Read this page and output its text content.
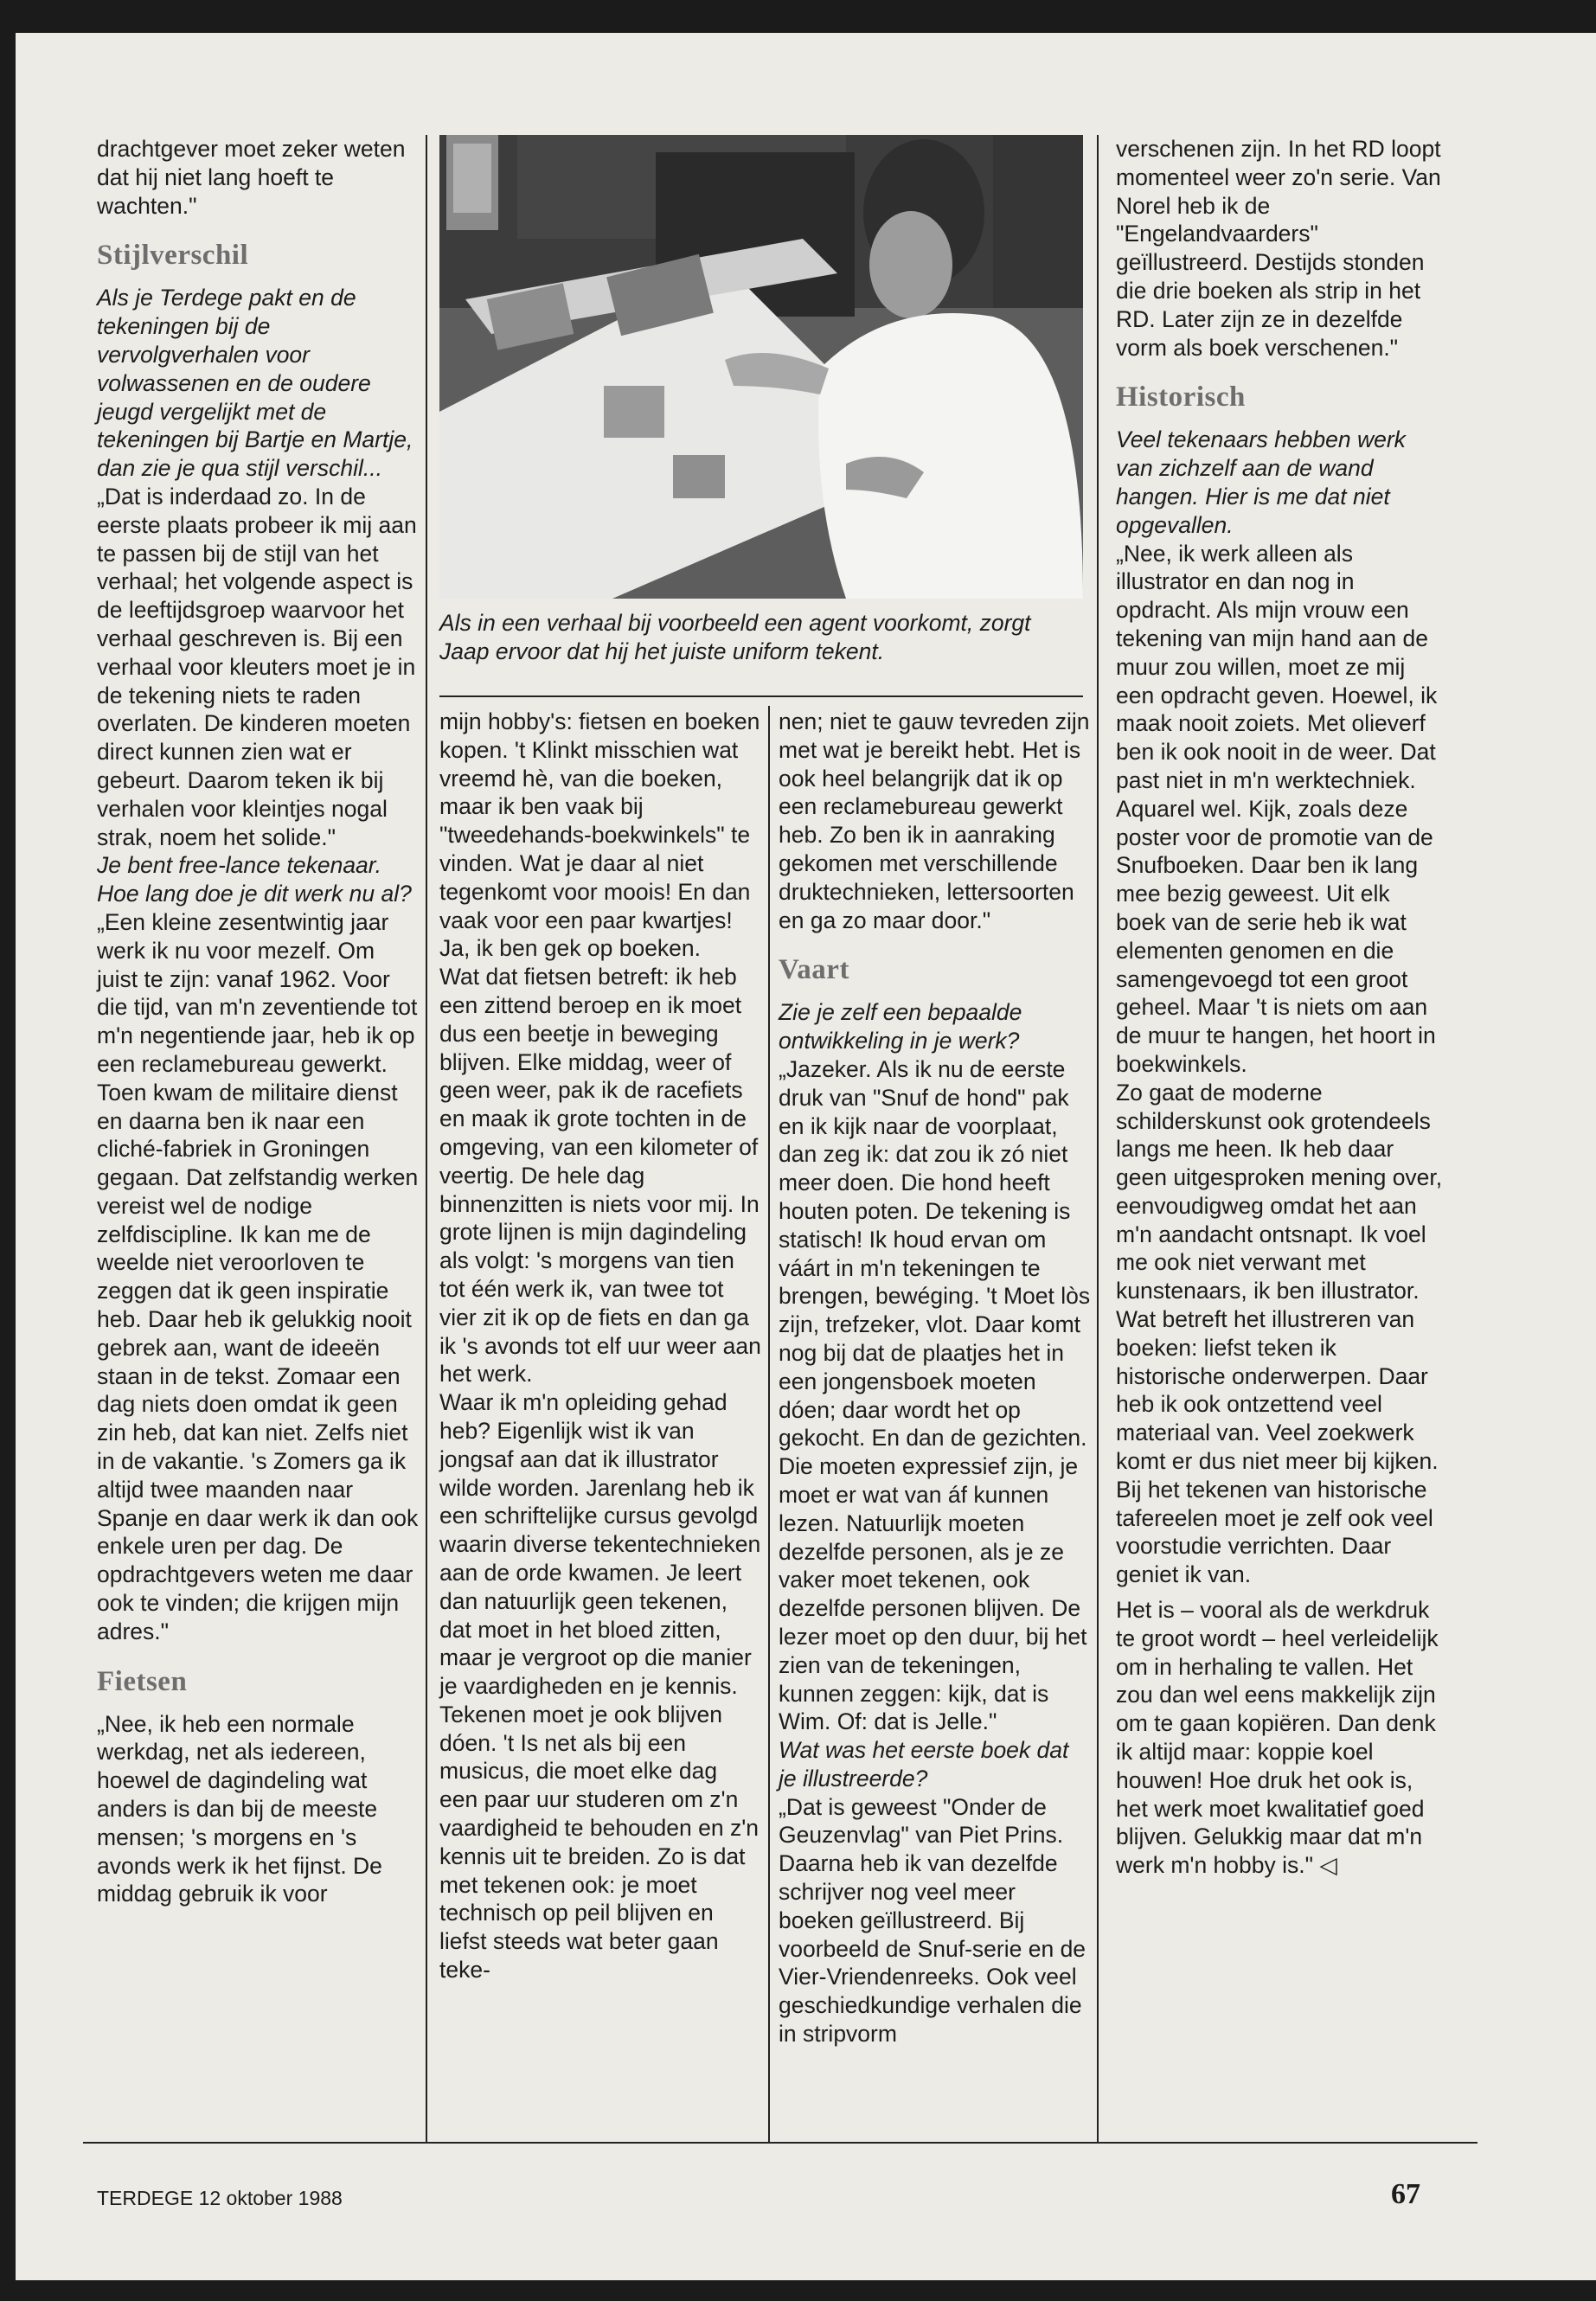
Als in een verhaal bij voorbeeld een agent voorkomt, zorgt Jaap ervoor dat hij het juiste uniform tekent.

drachtgever moet zeker weten dat hij niet lang hoeft te wachten."

Stijlverschil

Als je Terdege pakt en de tekeningen bij de vervolgverhalen voor volwassenen en de oudere jeugd vergelijkt met de tekeningen bij Bartje en Martje, dan zie je qua stijl verschil...

„Dat is inderdaad zo. In de eerste plaats probeer ik mij aan te passen bij de stijl van het verhaal; het volgende aspect is de leeftijdsgroep waarvoor het verhaal geschreven is. Bij een verhaal voor kleuters moet je in de tekening niets te raden overlaten. De kinderen moeten direct kunnen zien wat er gebeurt. Daarom teken ik bij verhalen voor kleintjes nogal strak, noem het solide."

Je bent free-lance tekenaar. Hoe lang doe je dit werk nu al?

„Een kleine zesentwintig jaar werk ik nu voor mezelf. Om juist te zijn: vanaf 1962. Voor die tijd, van m'n zeventiende tot m'n negentiende jaar, heb ik op een reclamebureau gewerkt. Toen kwam de militaire dienst en daarna ben ik naar een cliché-fabriek in Groningen gegaan. Dat zelfstandig werken vereist wel de nodige zelfdiscipline. Ik kan me de weelde niet veroorloven te zeggen dat ik geen inspiratie heb. Daar heb ik gelukkig nooit gebrek aan, want de ideeën staan in de tekst. Zomaar een dag niets doen omdat ik geen zin heb, dat kan niet. Zelfs niet in de vakantie. 's Zomers ga ik altijd twee maanden naar Spanje en daar werk ik dan ook enkele uren per dag. De opdrachtgevers weten me daar ook te vinden; die krijgen mijn adres."

Fietsen

„Nee, ik heb een normale werkdag, net als iedereen, hoewel de dagindeling wat anders is dan bij de meeste mensen; 's morgens en 's avonds werk ik het fijnst. De middag gebruik ik voor

mijn hobby's: fietsen en boeken kopen. 't Klinkt misschien wat vreemd hè, van die boeken, maar ik ben vaak bij "tweedehands-boekwinkels" te vinden. Wat je daar al niet tegenkomt voor moois! En dan vaak voor een paar kwartjes! Ja, ik ben gek op boeken.

Wat dat fietsen betreft: ik heb een zittend beroep en ik moet dus een beetje in beweging blijven. Elke middag, weer of geen weer, pak ik de racefiets en maak ik grote tochten in de omgeving, van een kilometer of veertig. De hele dag binnenzitten is niets voor mij. In grote lijnen is mijn dagindeling als volgt: 's morgens van tien tot één werk ik, van twee tot vier zit ik op de fiets en dan ga ik 's avonds tot elf uur weer aan het werk.

Waar ik m'n opleiding gehad heb? Eigenlijk wist ik van jongsaf aan dat ik illustrator wilde worden. Jarenlang heb ik een schriftelijke cursus gevolgd waarin diverse tekentechnieken aan de orde kwamen. Je leert dan natuurlijk geen tekenen, dat moet in het bloed zitten, maar je vergroot op die manier je vaardigheden en je kennis. Tekenen moet je ook blijven dóen. 't Is net als bij een musicus, die moet elke dag een paar uur studeren om z'n vaardigheid te behouden en z'n kennis uit te breiden. Zo is dat met tekenen ook: je moet technisch op peil blijven en liefst steeds wat beter gaan teke-

nen; niet te gauw tevreden zijn met wat je bereikt hebt. Het is ook heel belangrijk dat ik op een reclamebureau gewerkt heb. Zo ben ik in aanraking gekomen met verschillende druktechnieken, lettersoorten en ga zo maar door."

Vaart

Zie je zelf een bepaalde ontwikkeling in je werk?

„Jazeker. Als ik nu de eerste druk van "Snuf de hond" pak en ik kijk naar de voorplaat, dan zeg ik: dat zou ik zó niet meer doen. Die hond heeft houten poten. De tekening is statisch! Ik houd ervan om váárt in m'n tekeningen te brengen, bewéging. 't Moet lòs zijn, trefzeker, vlot. Daar komt nog bij dat de plaatjes het in een jongensboek moeten dóen; daar wordt het op gekocht. En dan de gezichten. Die moeten expressief zijn, je moet er wat van áf kunnen lezen. Natuurlijk moeten dezelfde personen, als je ze vaker moet tekenen, ook dezelfde personen blijven. De lezer moet op den duur, bij het zien van de tekeningen, kunnen zeggen: kijk, dat is Wim. Of: dat is Jelle."

Wat was het eerste boek dat je illustreerde?

„Dat is geweest "Onder de Geuzenvlag" van Piet Prins. Daarna heb ik van dezelfde schrijver nog veel meer boeken geïllustreerd. Bij voorbeeld de Snuf-serie en de Vier-Vriendenreeks. Ook veel geschiedkundige verhalen die in stripvorm

verschenen zijn. In het RD loopt momenteel weer zo'n serie. Van Norel heb ik de "Engelandvaarders" geïllustreerd. Destijds stonden die drie boeken als strip in het RD. Later zijn ze in dezelfde vorm als boek verschenen."

Historisch

Veel tekenaars hebben werk van zichzelf aan de wand hangen. Hier is me dat niet opgevallen.

„Nee, ik werk alleen als illustrator en dan nog in opdracht. Als mijn vrouw een tekening van mijn hand aan de muur zou willen, moet ze mij een opdracht geven. Hoewel, ik maak nooit zoiets. Met olieverf ben ik ook nooit in de weer. Dat past niet in m'n werktechniek. Aquarel wel. Kijk, zoals deze poster voor de promotie van de Snufboeken. Daar ben ik lang mee bezig geweest. Uit elk boek van de serie heb ik wat elementen genomen en die samengevoegd tot een groot geheel. Maar 't is niets om aan de muur te hangen, het hoort in boekwinkels.

Zo gaat de moderne schilderskunst ook grotendeels langs me heen. Ik heb daar geen uitgesproken mening over, eenvoudigweg omdat het aan m'n aandacht ontsnapt. Ik voel me ook niet verwant met kunstenaars, ik ben illustrator.

Wat betreft het illustreren van boeken: liefst teken ik historische onderwerpen. Daar heb ik ook ontzettend veel materiaal van. Veel zoekwerk komt er dus niet meer bij kijken. Bij het tekenen van historische tafereelen moet je zelf ook veel voorstudie verrichten. Daar geniet ik van.

Het is – vooral als de werkdruk te groot wordt – heel verleidelijk om in herhaling te vallen. Het zou dan wel eens makkelijk zijn om te gaan kopiëren. Dan denk ik altijd maar: koppie koel houwen! Hoe druk het ook is, het werk moet kwalitatief goed blijven. Gelukkig maar dat m'n werk m'n hobby is." ◁

TERDEGE 12 oktober 1988	67
